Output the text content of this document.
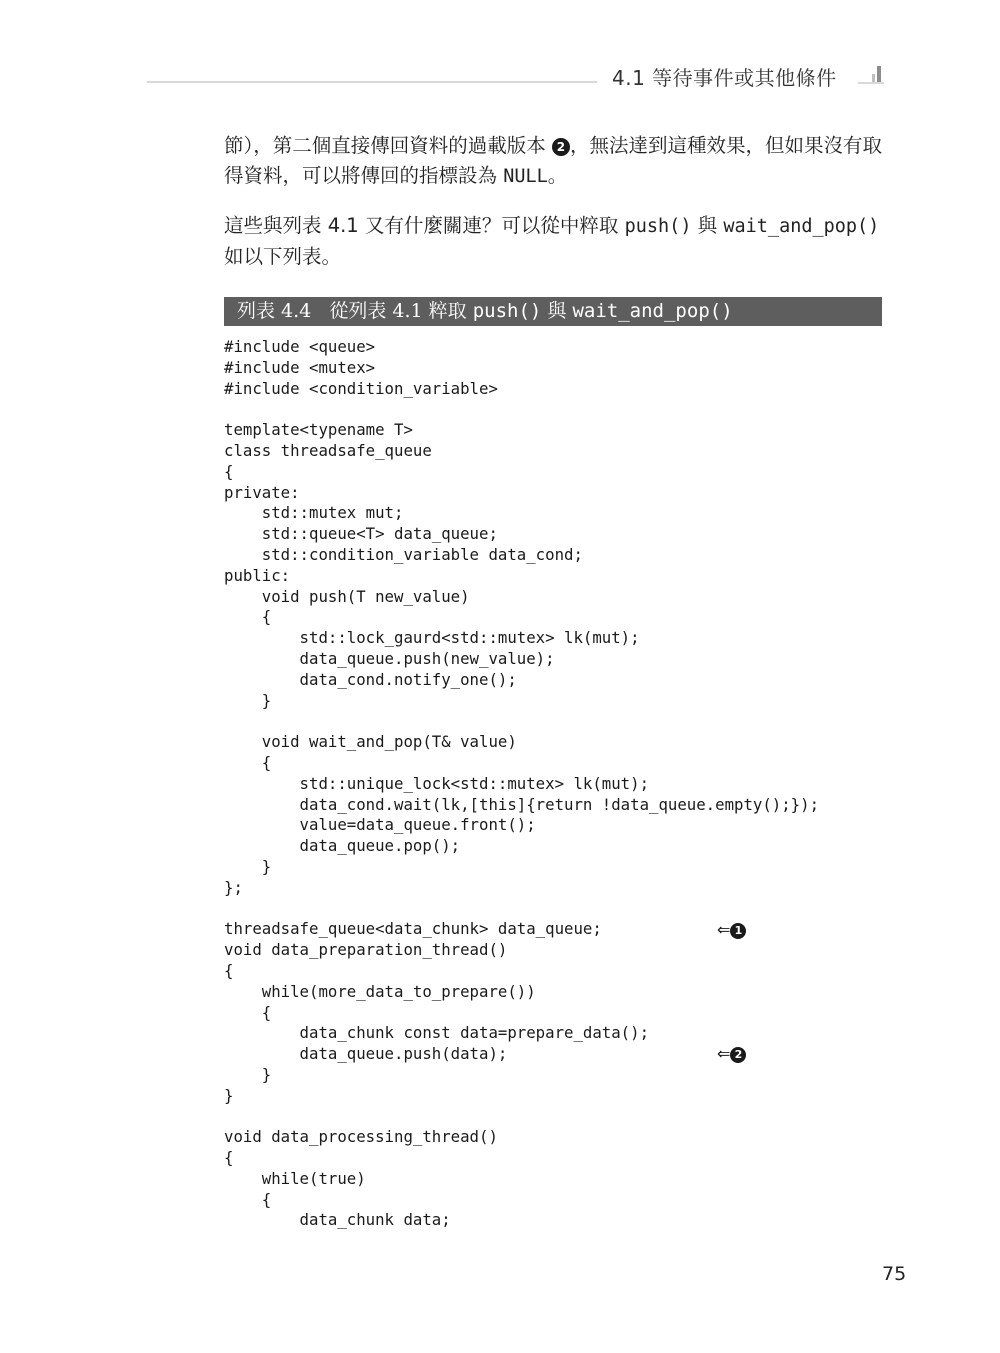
4.1 等待事件或其他條件

節），第二個直接傳回資料的過載版本 2 ，無法達到這種效果，但如果沒有取得資料，可以將傳回的指標設為 NULL。

這些與列表 4.1 又有什麼關連？可以從中粹取 push() 與 wait_and_pop() 如以下列表。

列表 4.4 從列表 4.1 粹取 push() 與 wait_and_pop()
#include <queue>
#include <mutex>
#include <condition_variable>
template<typename T>
class threadsafe_queue
{
private:
std::mutex mut;
std::queue<T> data_queue;
std::condition_variable data_cond;
public:
void push(T new_value)
{
std::lock_gaurd<std::mutex> lk(mut);
data_queue.push(new_value);
data_cond.notify_one();
}
void wait_and_pop(T& value)
{
std::unique_lock<std::mutex> lk(mut);
data_cond.wait(lk,[this]{return !data_queue.empty();});
value=data_queue.front();
data_queue.pop();
}
};
threadsafe_queue<data_chunk> data_queue;
void data_preparation_thread()
{
while(more_data_to_prepare())
{
data_chunk const data=prepare_data();
data_queue.push(data);
}
}
void data_processing_thread()
{
while(true)
{
data_chunk data;
⇐ 1
⇐ 2
75
